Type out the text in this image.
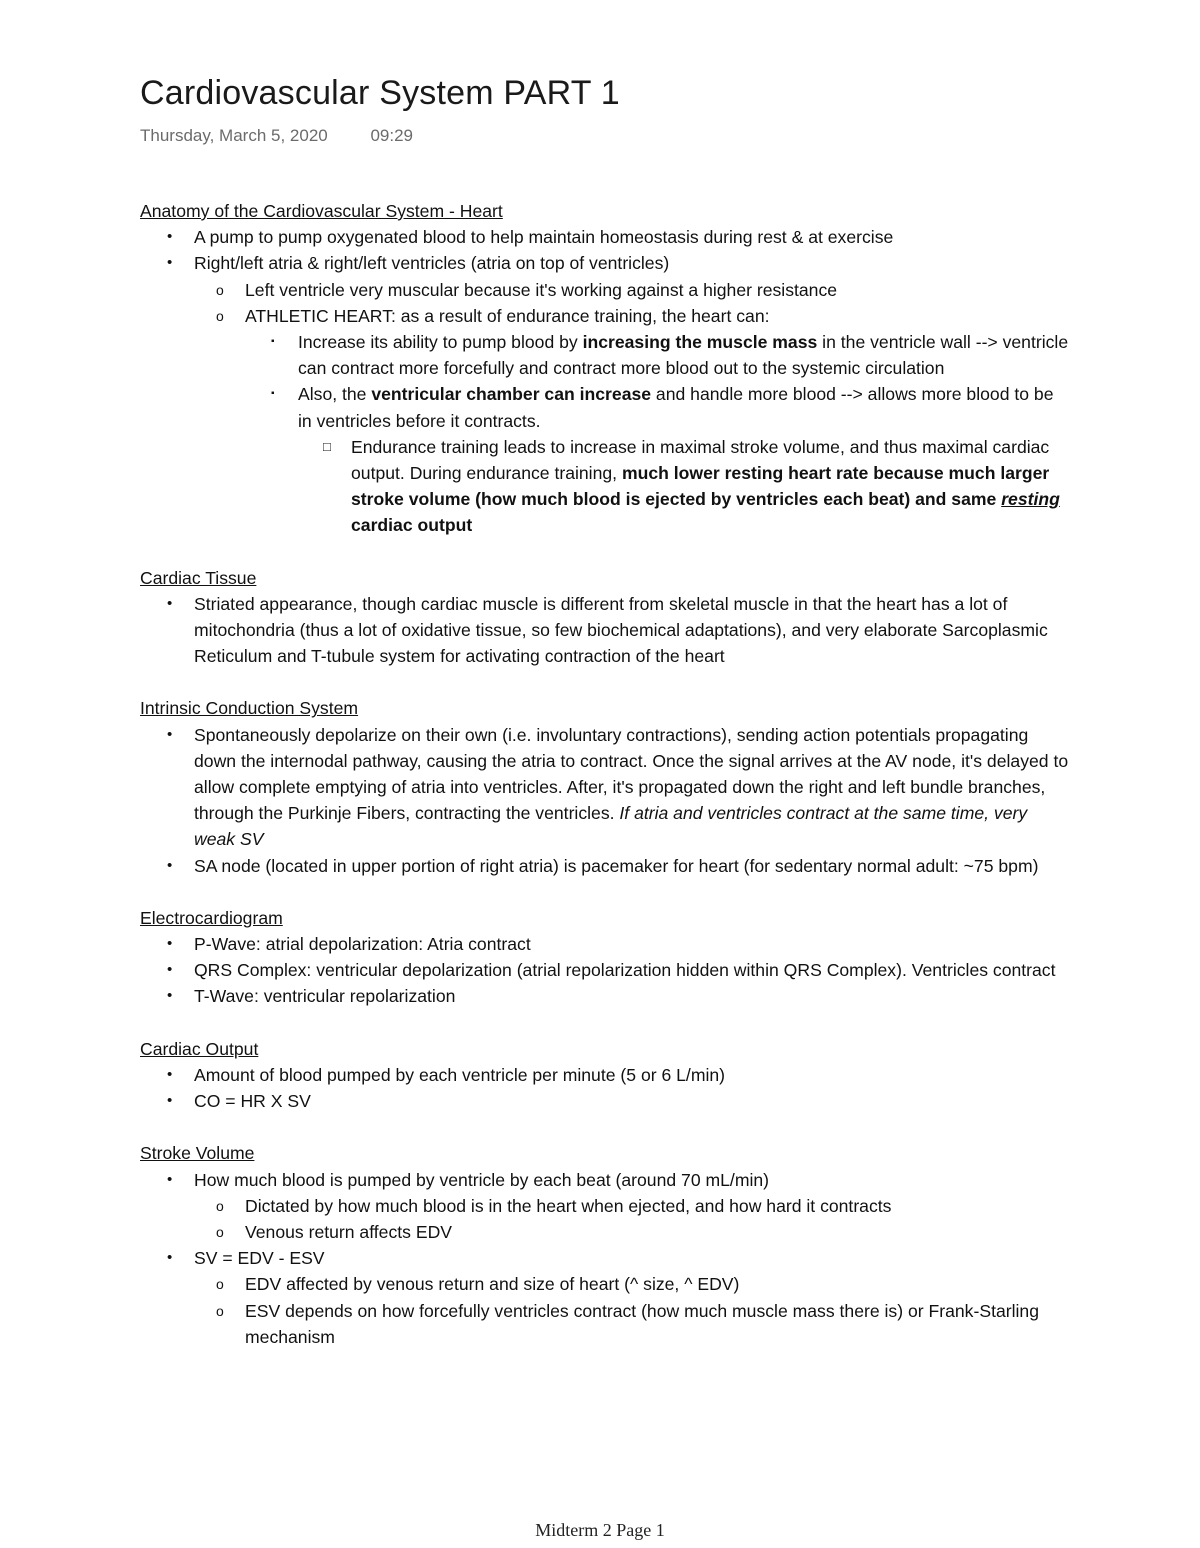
Cardiovascular System PART 1
Thursday, March 5, 2020	09:29
Anatomy of the Cardiovascular System - Heart
• A pump to pump oxygenated blood to help maintain homeostasis during rest & at exercise
• Right/left atria & right/left ventricles (atria on top of ventricles)
o Left ventricle very muscular because it's working against a higher resistance
o ATHLETIC HEART: as a result of endurance training, the heart can:
▪ Increase its ability to pump blood by increasing the muscle mass in the ventricle wall --> ventricle can contract more forcefully and contract more blood out to the systemic circulation
▪ Also, the ventricular chamber can increase and handle more blood --> allows more blood to be in ventricles before it contracts.
□ Endurance training leads to increase in maximal stroke volume, and thus maximal cardiac output. During endurance training, much lower resting heart rate because much larger stroke volume (how much blood is ejected by ventricles each beat) and same resting cardiac output
Cardiac Tissue
• Striated appearance, though cardiac muscle is different from skeletal muscle in that the heart has a lot of mitochondria (thus a lot of oxidative tissue, so few biochemical adaptations), and very elaborate Sarcoplasmic Reticulum and T-tubule system for activating contraction of the heart
Intrinsic Conduction System
• Spontaneously depolarize on their own (i.e. involuntary contractions), sending action potentials propagating down the internodal pathway, causing the atria to contract. Once the signal arrives at the AV node, it's delayed to allow complete emptying of atria into ventricles. After, it's propagated down the right and left bundle branches, through the Purkinje Fibers, contracting the ventricles. If atria and ventricles contract at the same time, very weak SV
• SA node (located in upper portion of right atria) is pacemaker for heart (for sedentary normal adult: ~75 bpm)
Electrocardiogram
• P-Wave: atrial depolarization: Atria contract
• QRS Complex: ventricular depolarization (atrial repolarization hidden within QRS Complex). Ventricles contract
• T-Wave: ventricular repolarization
Cardiac Output
• Amount of blood pumped by each ventricle per minute (5 or 6 L/min)
• CO = HR X SV
Stroke Volume
• How much blood is pumped by ventricle by each beat (around 70 mL/min)
o Dictated by how much blood is in the heart when ejected, and how hard it contracts
o Venous return affects EDV
• SV = EDV - ESV
o EDV affected by venous return and size of heart (^ size, ^ EDV)
o ESV depends on how forcefully ventricles contract (how much muscle mass there is) or Frank-Starling mechanism
Midterm 2 Page 1
